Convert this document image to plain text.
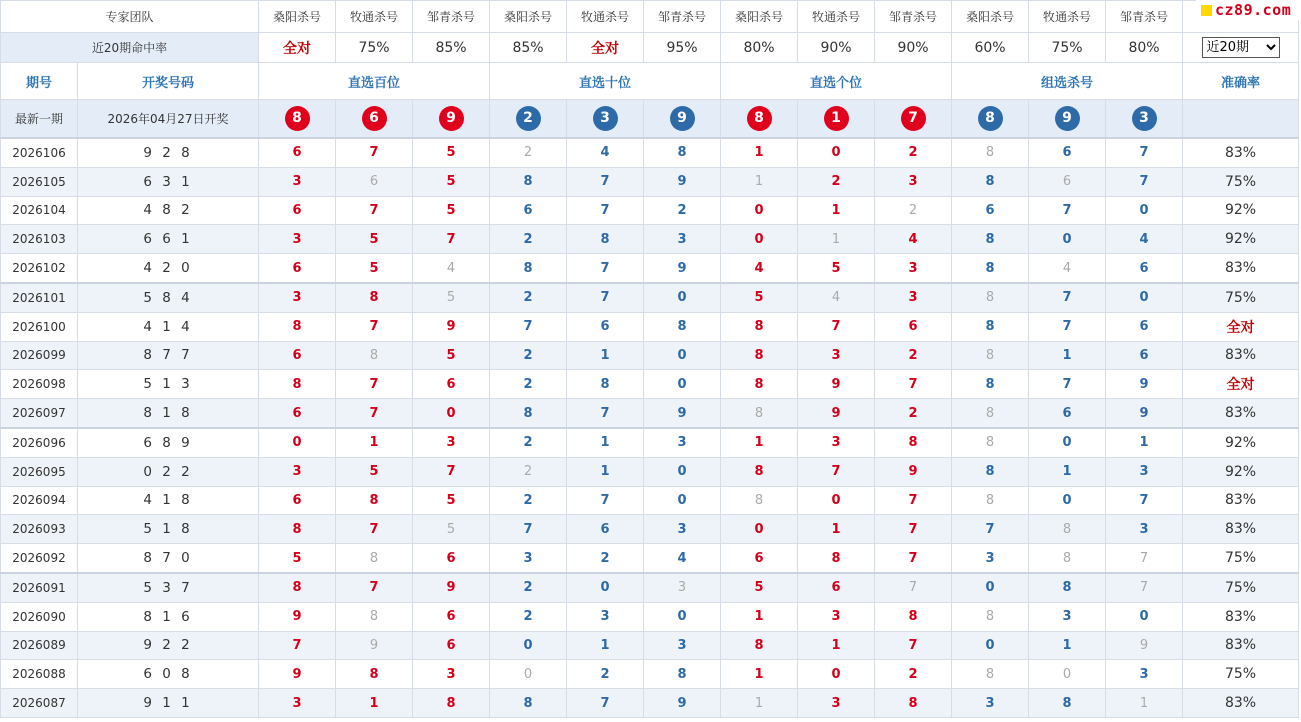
专家团队		桑阳杀号	牧通杀号	邹青杀号	桑阳杀号	牧通杀号	邹青杀号	桑阳杀号	牧通杀号	邹青杀号	桑阳杀号	牧通杀号	邹青杀号	
近20期命中率		全对	75%	85%	85%	全对	95%	80%	90%	90%	60%	75%	80%	
近20期
期号	开奖号码	直选百位			直选十位			直选个位			组选杀号			准确率
最新一期	2026年04月27日开奖	8	6	9	2	3	9	8	1	7	8	9	3	
2026106	9 2 8	6	7	5	2	4	8	1	0	2	8	6	7	83%
2026105	6 3 1	3	6	5	8	7	9	1	2	3	8	6	7	75%
2026104	4 8 2	6	7	5	6	7	2	0	1	2	6	7	0	92%
2026103	6 6 1	3	5	7	2	8	3	0	1	4	8	0	4	92%
2026102	4 2 0	6	5	4	8	7	9	4	5	3	8	4	6	83%
2026101	5 8 4	3	8	5	2	7	0	5	4	3	8	7	0	75%
2026100	4 1 4	8	7	9	7	6	8	8	7	6	8	7	6	全对
2026099	8 7 7	6	8	5	2	1	0	8	3	2	8	1	6	83%
2026098	5 1 3	8	7	6	2	8	0	8	9	7	8	7	9	全对
2026097	8 1 8	6	7	0	8	7	9	8	9	2	8	6	9	83%
2026096	6 8 9	0	1	3	2	1	3	1	3	8	8	0	1	92%
2026095	0 2 2	3	5	7	2	1	0	8	7	9	8	1	3	92%
2026094	4 1 8	6	8	5	2	7	0	8	0	7	8	0	7	83%
2026093	5 1 8	8	7	5	7	6	3	0	1	7	7	8	3	83%
2026092	8 7 0	5	8	6	3	2	4	6	8	7	3	8	7	75%
2026091	5 3 7	8	7	9	2	0	3	5	6	7	0	8	7	75%
2026090	8 1 6	9	8	6	2	3	0	1	3	8	8	3	0	83%
2026089	9 2 2	7	9	6	0	1	3	8	1	7	0	1	9	83%
2026088	6 0 8	9	8	3	0	2	8	1	0	2	8	0	3	75%
2026087	9 1 1	3	1	8	8	7	9	1	3	8	3	8	1	83%
cz89.com
